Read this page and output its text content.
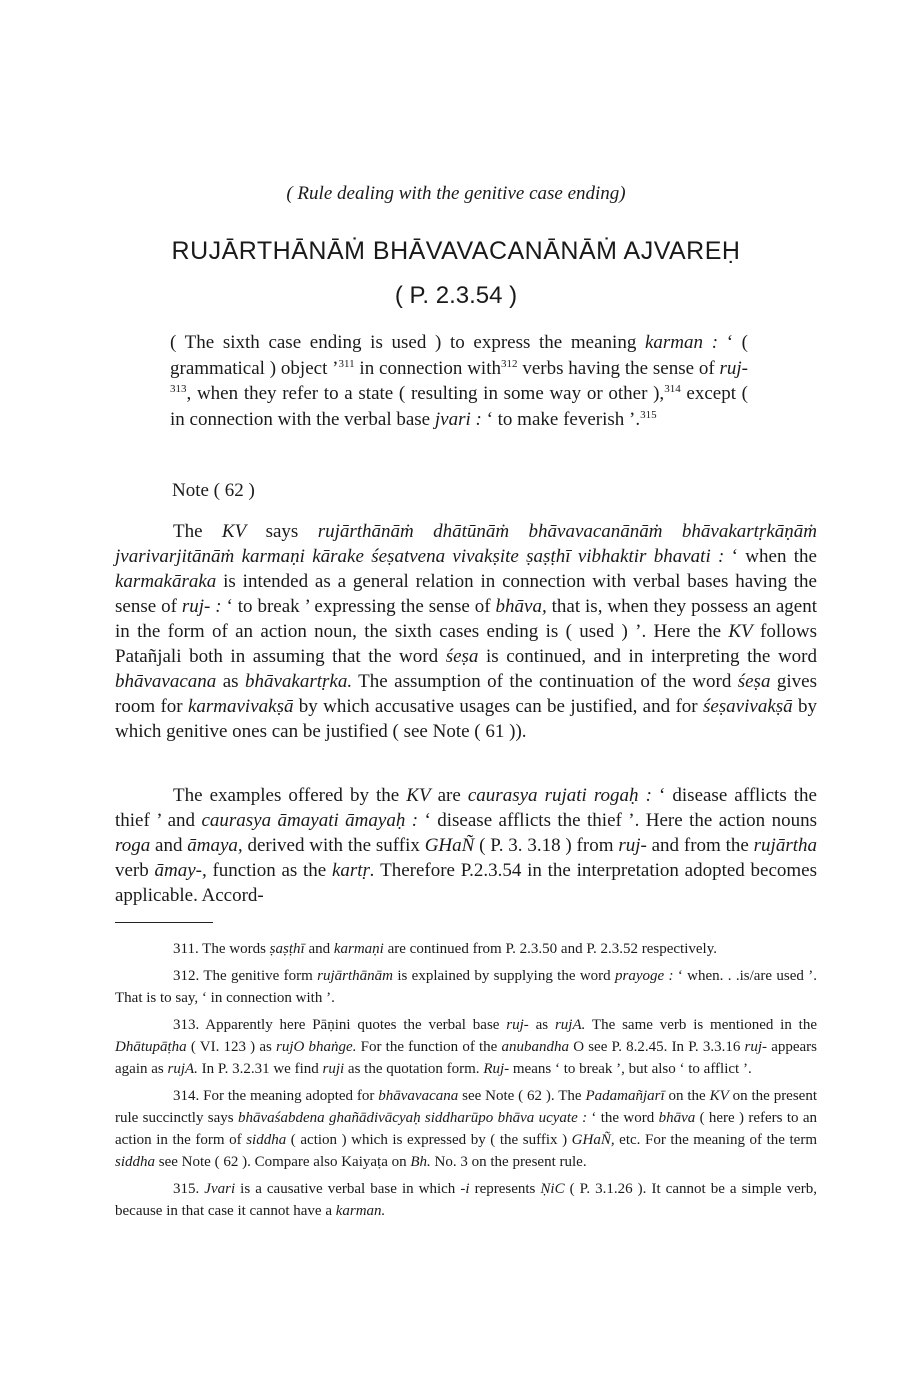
( Rule dealing with the genitive case ending)
RUJĀRTHĀNĀṀ BHĀVAVACANĀNĀṀ AJVAREḤ
( P. 2.3.54 )
( The sixth case ending is used ) to express the meaning karman : ‘ ( grammatical ) object ’$^{311}$ in connection with$^{312}$ verbs having the sense of ruj-$^{313}$, when they refer to a state ( resulting in some way or other ),$^{314}$ except ( in connection with the verbal base jvari : ‘ to make feverish ’.$^{315}$
Note ( 62 )
The KV says rujārthānāṁ dhātūnāṁ bhāvavacanānāṁ bhāvakartṛkāṇāṁ jvarivarjitānāṁ karmaṇi kārake śeṣatvena vivakṣite ṣaṣṭhī vibhaktir bhavati : ‘ when the karmakāraka is intended as a general relation in connection with verbal bases having the sense of ruj- : ‘ to break ’ expressing the sense of bhāva, that is, when they possess an agent in the form of an action noun, the sixth cases ending is ( used ) ’. Here the KV follows Patañjali both in assuming that the word śeṣa is continued, and in interpreting the word bhāvavacana as bhāvakartṛka. The assumption of the continuation of the word śeṣa gives room for karmavivakṣā by which accusative usages can be justified, and for śeṣavivakṣā by which genitive ones can be justified ( see Note ( 61 )).
The examples offered by the KV are caurasya rujati rogaḥ : ‘ disease afflicts the thief ’ and caurasya āmayati āmayaḥ : ‘ disease afflicts the thief ’. Here the action nouns roga and āmaya, derived with the suffix GHaÑ ( P. 3. 3.18 ) from ruj- and from the rujārtha verb āmay-, function as the kartṛ. Therefore P.2.3.54 in the interpretation adopted becomes applicable. Accord-

311. The words ṣaṣṭhī and karmaṇi are continued from P. 2.3.50 and P. 2.3.52 respectively.

312. The genitive form rujārthānām is explained by supplying the word prayoge : ‘ when. . .is/are used ’. That is to say, ‘ in connection with ’.

313. Apparently here Pāṇini quotes the verbal base ruj- as rujA. The same verb is mentioned in the Dhātupāṭha ( VI. 123 ) as rujO bhaṅge. For the function of the anubandha O see P. 8.2.45. In P. 3.3.16 ruj- appears again as rujA. In P. 3.2.31 we find ruji as the quotation form. Ruj- means ‘ to break ’, but also ‘ to afflict ’.

314. For the meaning adopted for bhāvavacana see Note ( 62 ). The Padamañjarī on the KV on the present rule succinctly says bhāvaśabdena ghañādivācyaḥ siddharūpo bhāva ucyate : ‘ the word bhāva ( here ) refers to an action in the form of siddha ( action ) which is expressed by ( the suffix ) GHaÑ, etc. For the meaning of the term siddha see Note ( 62 ). Compare also Kaiyaṭa on Bh. No. 3 on the present rule.

315. Jvari is a causative verbal base in which -i represents ṆiC ( P. 3.1.26 ). It cannot be a simple verb, because in that case it cannot have a karman.
